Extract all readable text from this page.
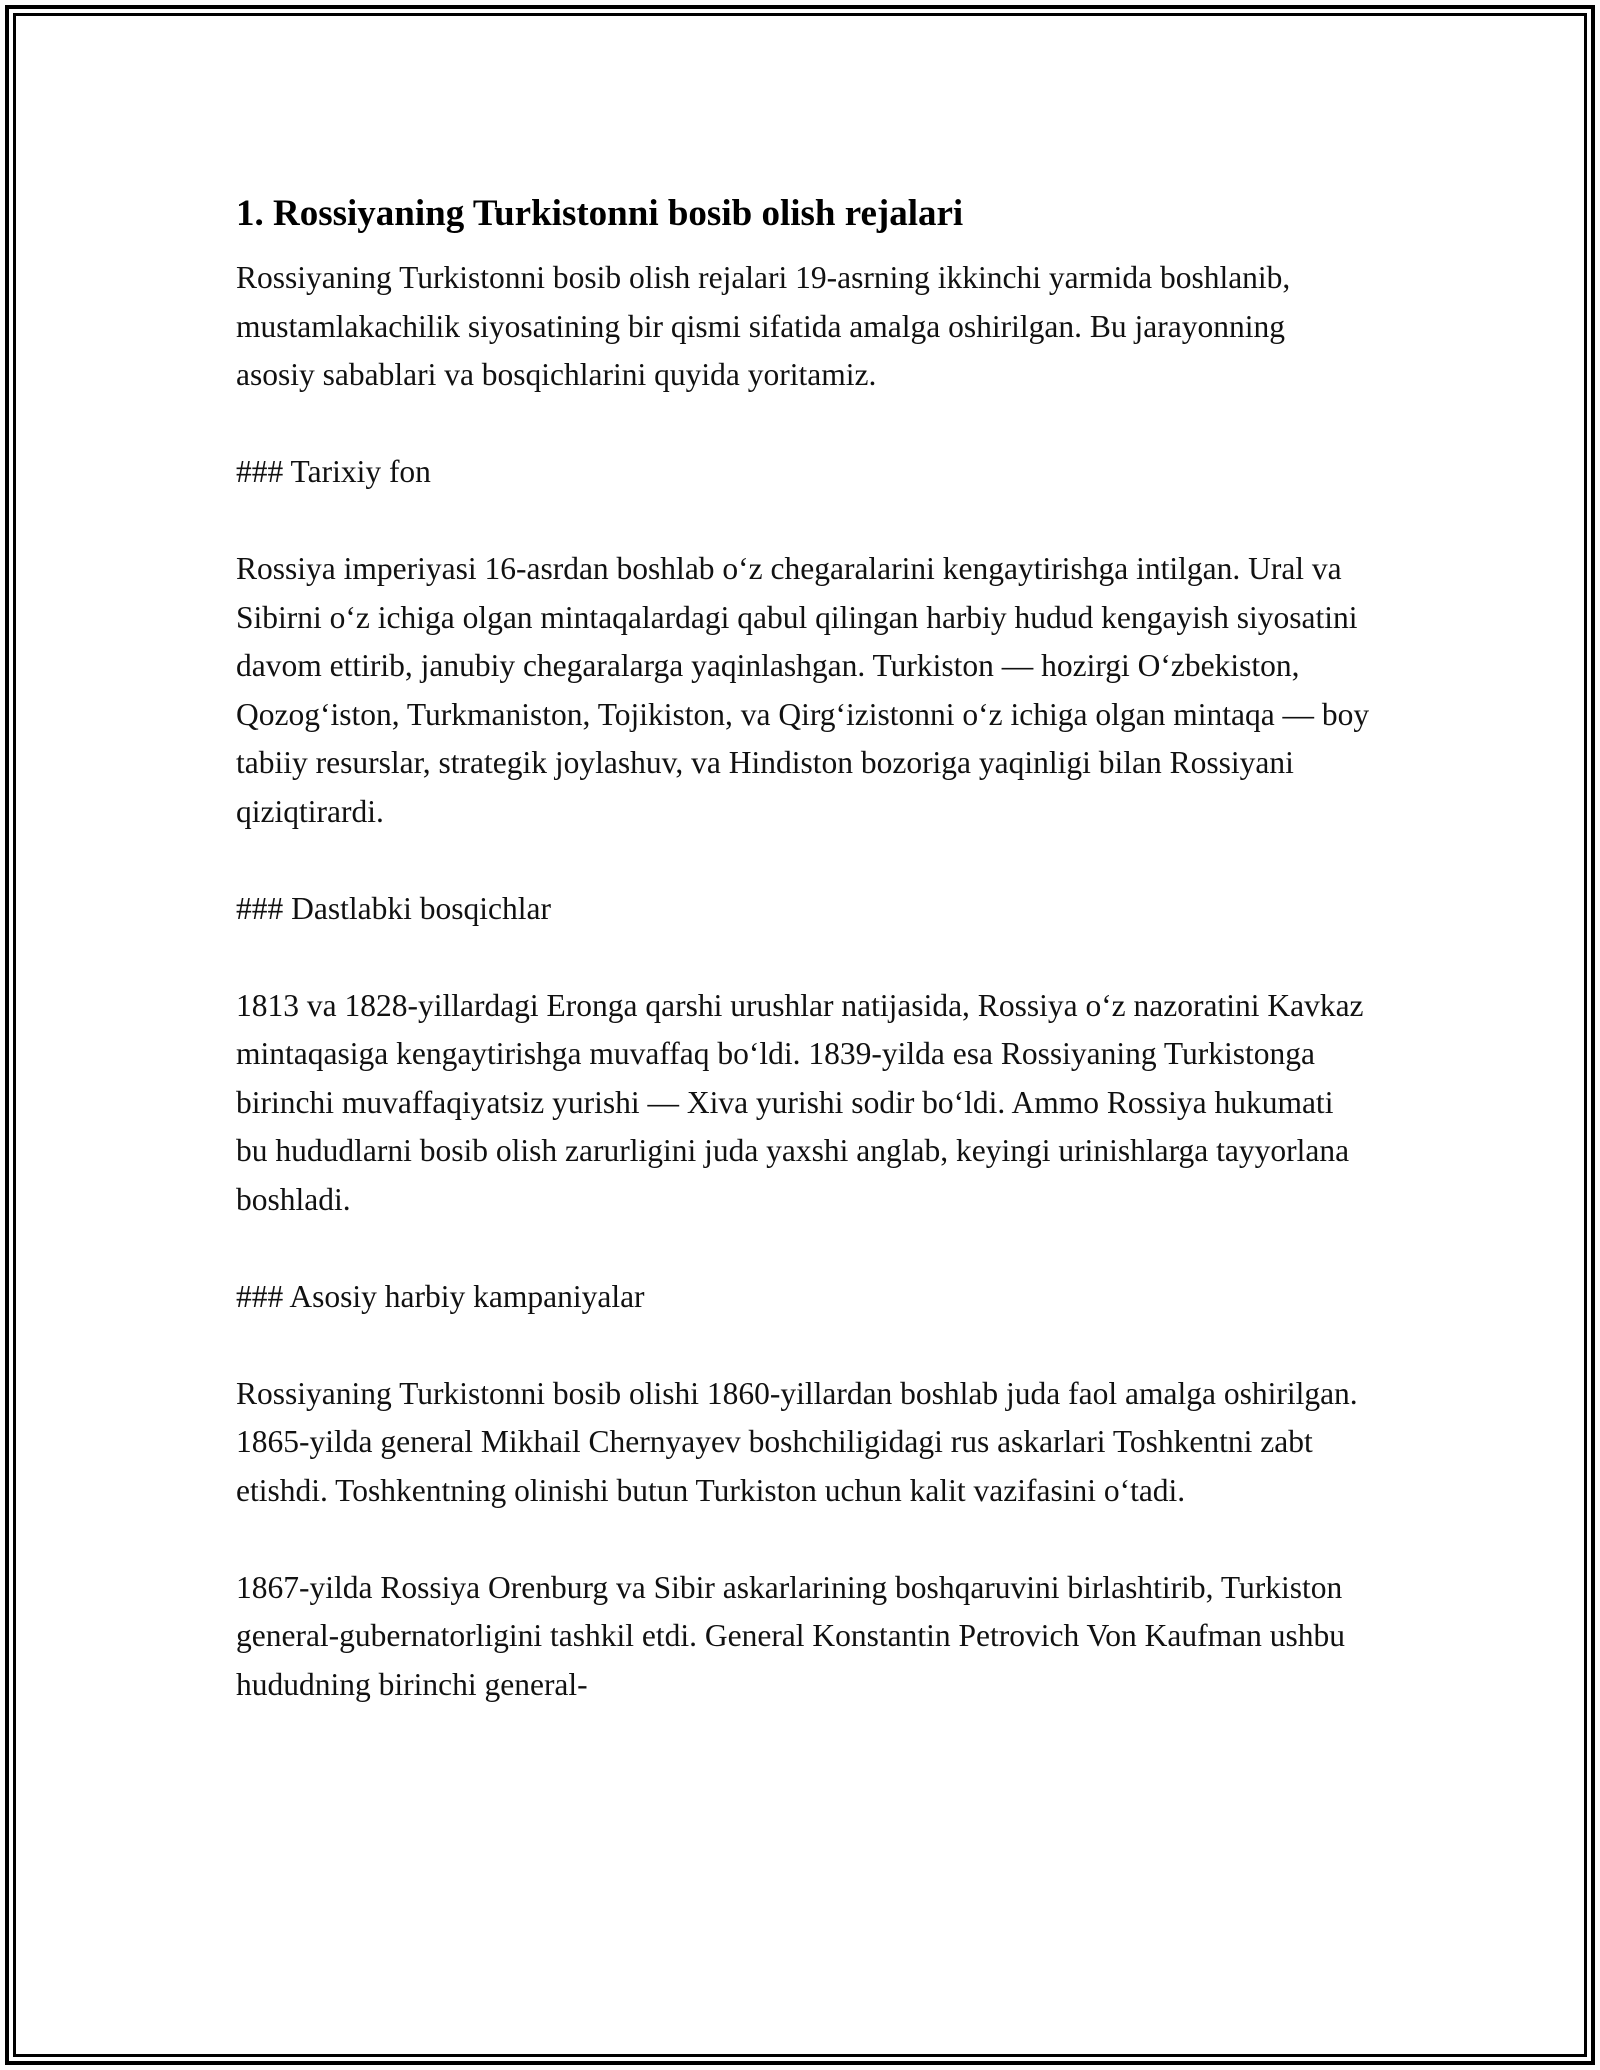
1. Rossiyaning Turkistonni bosib olish rejalari

Rossiyaning Turkistonni bosib olish rejalari 19-asrning ikkinchi yarmida boshlanib, mustamlakachilik siyosatining bir qismi sifatida amalga oshirilgan. Bu jarayonning asosiy sabablari va bosqichlarini quyida yoritamiz.

### Tarixiy fon

Rossiya imperiyasi 16-asrdan boshlab o‘z chegaralarini kengaytirishga intilgan. Ural va Sibirni o‘z ichiga olgan mintaqalardagi qabul qilingan harbiy hudud kengayish siyosatini davom ettirib, janubiy chegaralarga yaqinlashgan. Turkiston — hozirgi O‘zbekiston, Qozog‘iston, Turkmaniston, Tojikiston, va Qirg‘izistonni o‘z ichiga olgan mintaqa — boy tabiiy resurslar, strategik joylashuv, va Hindiston bozoriga yaqinligi bilan Rossiyani qiziqtirardi.

### Dastlabki bosqichlar

1813 va 1828-yillardagi Eronga qarshi urushlar natijasida, Rossiya o‘z nazoratini Kavkaz mintaqasiga kengaytirishga muvaffaq bo‘ldi. 1839-yilda esa Rossiyaning Turkistonga birinchi muvaffaqiyatsiz yurishi — Xiva yurishi sodir bo‘ldi. Ammo Rossiya hukumati bu hududlarni bosib olish zarurligini juda yaxshi anglab, keyingi urinishlarga tayyorlana boshladi.

### Asosiy harbiy kampaniyalar

Rossiyaning Turkistonni bosib olishi 1860-yillardan boshlab juda faol amalga oshirilgan. 1865-yilda general Mikhail Chernyayev boshchiligidagi rus askarlari Toshkentni zabt etishdi. Toshkentning olinishi butun Turkiston uchun kalit vazifasini o‘tadi.

1867-yilda Rossiya Orenburg va Sibir askarlarining boshqaruvini birlashtirib, Turkiston general-gubernatorligini tashkil etdi. General Konstantin Petrovich Von Kaufman ushbu hududning birinchi general-
